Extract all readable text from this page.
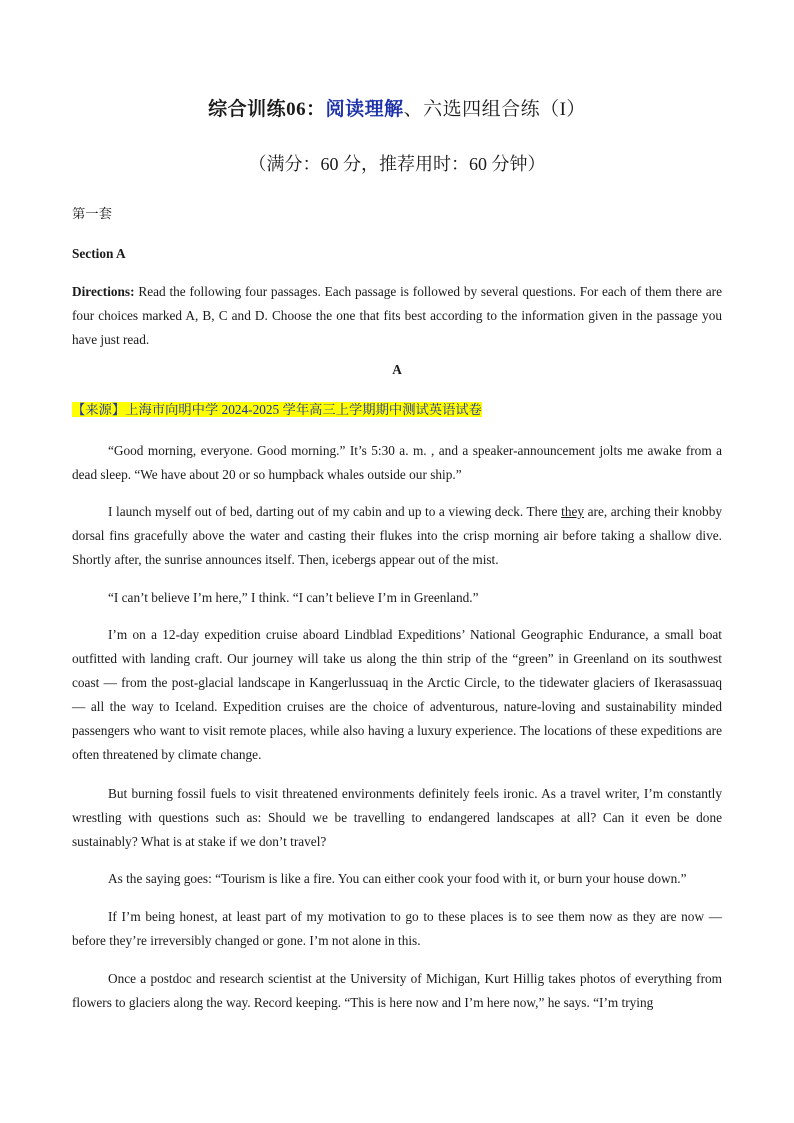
综合训练06：阅读理解、六选四组合练（I）
（满分：60 分，推荐用时：60 分钟）

第一套

Section A

Directions: Read the following four passages. Each passage is followed by several questions. For each of them there are four choices marked A, B, C and D. Choose the one that fits best according to the information given in the passage you have just read.

A

【来源】上海市向明中学 2024-2025 学年高三上学期期中测试英语试卷

“Good morning, everyone. Good morning.” It’s 5:30 a. m. , and a speaker-announcement jolts me awake from a dead sleep. “We have about 20 or so humpback whales outside our ship.”

I launch myself out of bed, darting out of my cabin and up to a viewing deck. There they are, arching their knobby dorsal fins gracefully above the water and casting their flukes into the crisp morning air before taking a shallow dive. Shortly after, the sunrise announces itself. Then, icebergs appear out of the mist.

“I can’t believe I’m here,” I think. “I can’t believe I’m in Greenland.”

I’m on a 12-day expedition cruise aboard Lindblad Expeditions’ National Geographic Endurance, a small boat outfitted with landing craft. Our journey will take us along the thin strip of the “green” in Greenland on its southwest coast — from the post-glacial landscape in Kangerlussuaq in the Arctic Circle, to the tidewater glaciers of Ikerasassuaq — all the way to Iceland. Expedition cruises are the choice of adventurous, nature-loving and sustainability minded passengers who want to visit remote places, while also having a luxury experience. The locations of these expeditions are often threatened by climate change.

But burning fossil fuels to visit threatened environments definitely feels ironic. As a travel writer, I’m constantly wrestling with questions such as: Should we be travelling to endangered landscapes at all? Can it even be done sustainably? What is at stake if we don’t travel?

As the saying goes: “Tourism is like a fire. You can either cook your food with it, or burn your house down.”

If I’m being honest, at least part of my motivation to go to these places is to see them now as they are now — before they’re irreversibly changed or gone. I’m not alone in this.

Once a postdoc and research scientist at the University of Michigan, Kurt Hillig takes photos of everything from flowers to glaciers along the way. Record keeping. “This is here now and I’m here now,” he says. “I’m trying
